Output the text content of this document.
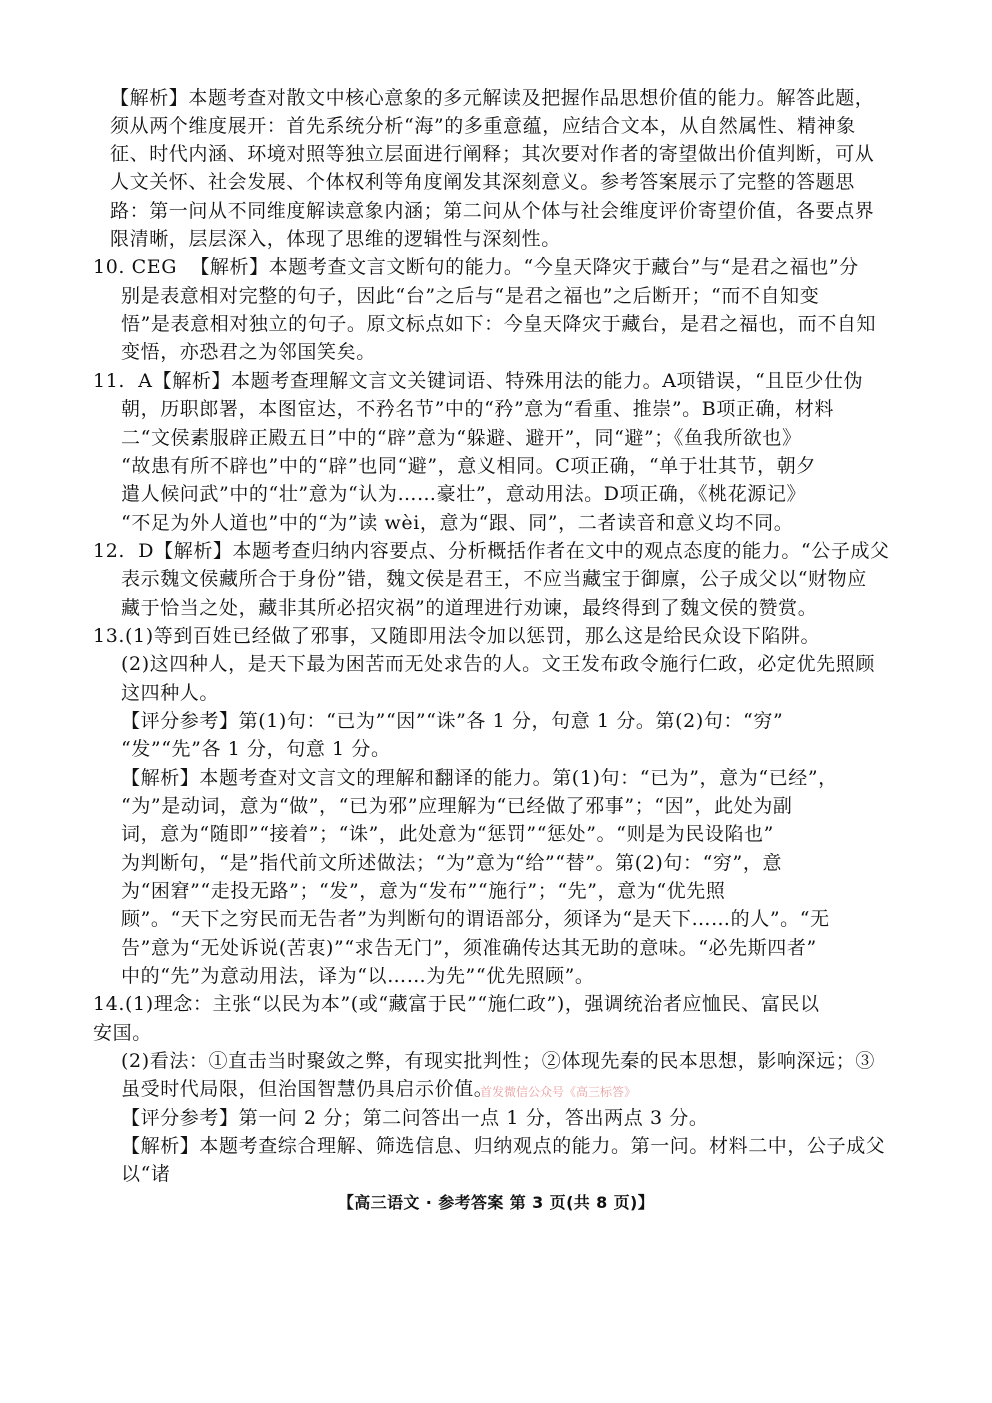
【解析】本题考查对散文中核心意象的多元解读及把握作品思想价值的能力。解答此题，
须从两个维度展开：首先系统分析“海”的多重意蕴，应结合文本，从自然属性、精神象
征、时代内涵、环境对照等独立层面进行阐释；其次要对作者的寄望做出价值判断，可从
人文关怀、社会发展、个体权利等角度阐发其深刻意义。参考答案展示了完整的答题思
路：第一问从不同维度解读意象内涵；第二问从个体与社会维度评价寄望价值，各要点界
限清晰，层层深入，体现了思维的逻辑性与深刻性。
10. CEG  【解析】本题考查文言文断句的能力。“今皇天降灾于藏台”与“是君之福也”分
别是表意相对完整的句子，因此“台”之后与“是君之福也”之后断开；“而不自知变
悟”是表意相对独立的句子。原文标点如下：今皇天降灾于藏台，是君之福也，而不自知
变悟，亦恐君之为邻国笑矣。
11.  A【解析】本题考查理解文言文关键词语、特殊用法的能力。A项错误，“且臣少仕伪
朝，历职郎署，本图宦达，不矜名节”中的“矜”意为“看重、推崇”。B项正确，材料
二“文侯素服辟正殿五日”中的“辟”意为“躲避、避开”，同“避”；《鱼我所欲也》
“故患有所不辟也”中的“辟”也同“避”，意义相同。C项正确，“单于壮其节，朝夕
遣人候问武”中的“壮”意为“认为……豪壮”，意动用法。D项正确，《桃花源记》
“不足为外人道也”中的“为”读 wèi，意为“跟、同”，二者读音和意义均不同。
12.  D【解析】本题考查归纳内容要点、分析概括作者在文中的观点态度的能力。“公子成父
表示魏文侯藏所合于身份”错，魏文侯是君王，不应当藏宝于御廪，公子成父以“财物应
藏于恰当之处，藏非其所必招灾祸”的道理进行劝谏，最终得到了魏文侯的赞赏。
13.(1)等到百姓已经做了邪事，又随即用法令加以惩罚，那么这是给民众设下陷阱。
(2)这四种人，是天下最为困苦而无处求告的人。文王发布政令施行仁政，必定优先照顾
这四种人。
【评分参考】第(1)句：“已为”“因”“诛”各 1 分，句意 1 分。第(2)句：“穷”
“发”“先”各 1 分，句意 1 分。
【解析】本题考查对文言文的理解和翻译的能力。第(1)句：“已为”，意为“已经”，
“为”是动词，意为“做”，“已为邪”应理解为“已经做了邪事”；“因”，此处为副
词，意为“随即”“接着”；“诛”，此处意为“惩罚”“惩处”。“则是为民设陷也”
为判断句，“是”指代前文所述做法；“为”意为“给”“替”。第(2)句：“穷”，意
为“困窘”“走投无路”；“发”，意为“发布”“施行”；“先”，意为“优先照
顾”。“天下之穷民而无告者”为判断句的谓语部分，须译为“是天下……的人”。“无
告”意为“无处诉说(苦衷)”“求告无门”，须准确传达其无助的意味。“必先斯四者”
中的“先”为意动用法，译为“以……为先”“优先照顾”。
14.(1)理念：主张“以民为本”(或“藏富于民”“施仁政”)，强调统治者应恤民、富民以
安国。
(2)看法：①直击当时聚敛之弊，有现实批判性；②体现先秦的民本思想，影响深远；③
虽受时代局限，但治国智慧仍具启示价值。
【评分参考】第一问 2 分；第二问答出一点 1 分，答出两点 3 分。
【解析】本题考查综合理解、筛选信息、归纳观点的能力。第一问。材料二中，公子成父
以“诸
首发微信公众号《高三标答》
【高三语文 · 参考答案 第 3 页(共 8 页)】
